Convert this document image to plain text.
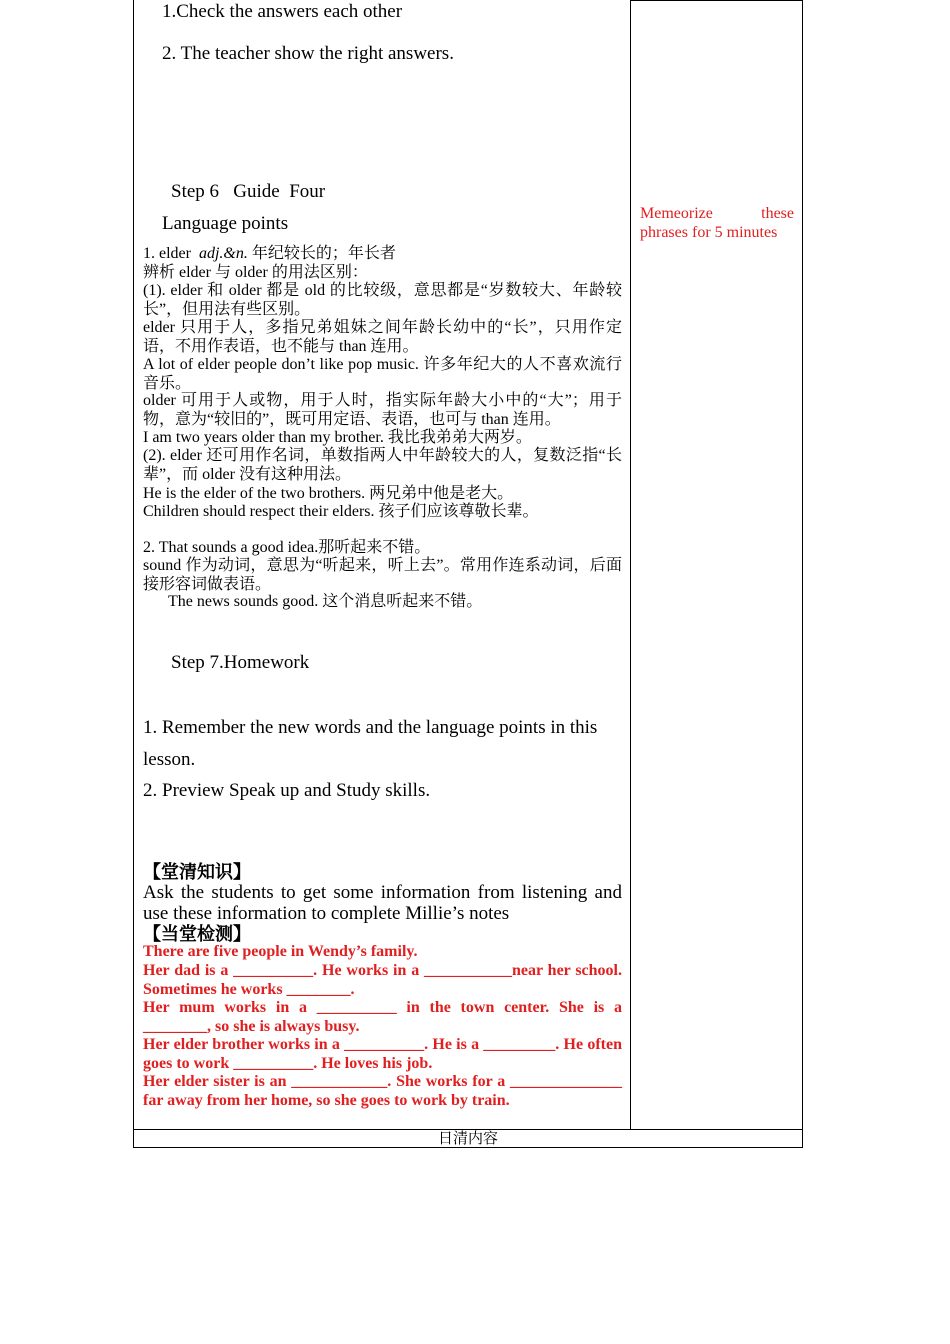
1.Check the answers each other
2. The teacher show the right answers.
Step 6   Guide  Four
Language points
1. elder  adj.&n. 年纪较长的；年长者
辨析 elder 与 older 的用法区别：
(1). elder 和 older 都是 old 的比较级，意思都是“岁数较大、年龄较长”，但用法有些区别。
elder 只用于人，多指兄弟姐妹之间年龄长幼中的“长”，只用作定语，不用作表语，也不能与 than 连用。
A lot of elder people don’t like pop music. 许多年纪大的人不喜欢流行音乐。
older 可用于人或物，用于人时，指实际年龄大小中的“大”；用于物，意为“较旧的”，既可用定语、表语，也可与 than 连用。
I am two years older than my brother. 我比我弟弟大两岁。
(2). elder 还可用作名词，单数指两人中年龄较大的人，复数泛指“长辈”，而 older 没有这种用法。
He is the elder of the two brothers. 两兄弟中他是老大。
Children should respect their elders. 孩子们应该尊敬长辈。
2. That sounds a good idea.那听起来不错。
sound 作为动词，意思为“听起来，听上去”。常用作连系动词，后面接形容词做表语。
The news sounds good. 这个消息听起来不错。
Step 7.Homework
1. Remember the new words and the language points in this lesson.
2. Preview Speak up and Study skills.
【堂清知识】
Ask the students to get some information from listening and use these information to complete Millie’s notes
【当堂检测】
There are five people in Wendy’s family.
Her dad is a __________. He works in a ___________near her school. Sometimes he works ________.
Her mum works in a __________ in the town center. She is a ________, so she is always busy.
Her elder brother works in a __________. He is a _________. He often goes to work __________. He loves his job.
Her elder sister is an ____________. She works for a ______________ far away from her home, so she goes to work by train.
Memeorize these phrases for 5 minutes
日清内容
